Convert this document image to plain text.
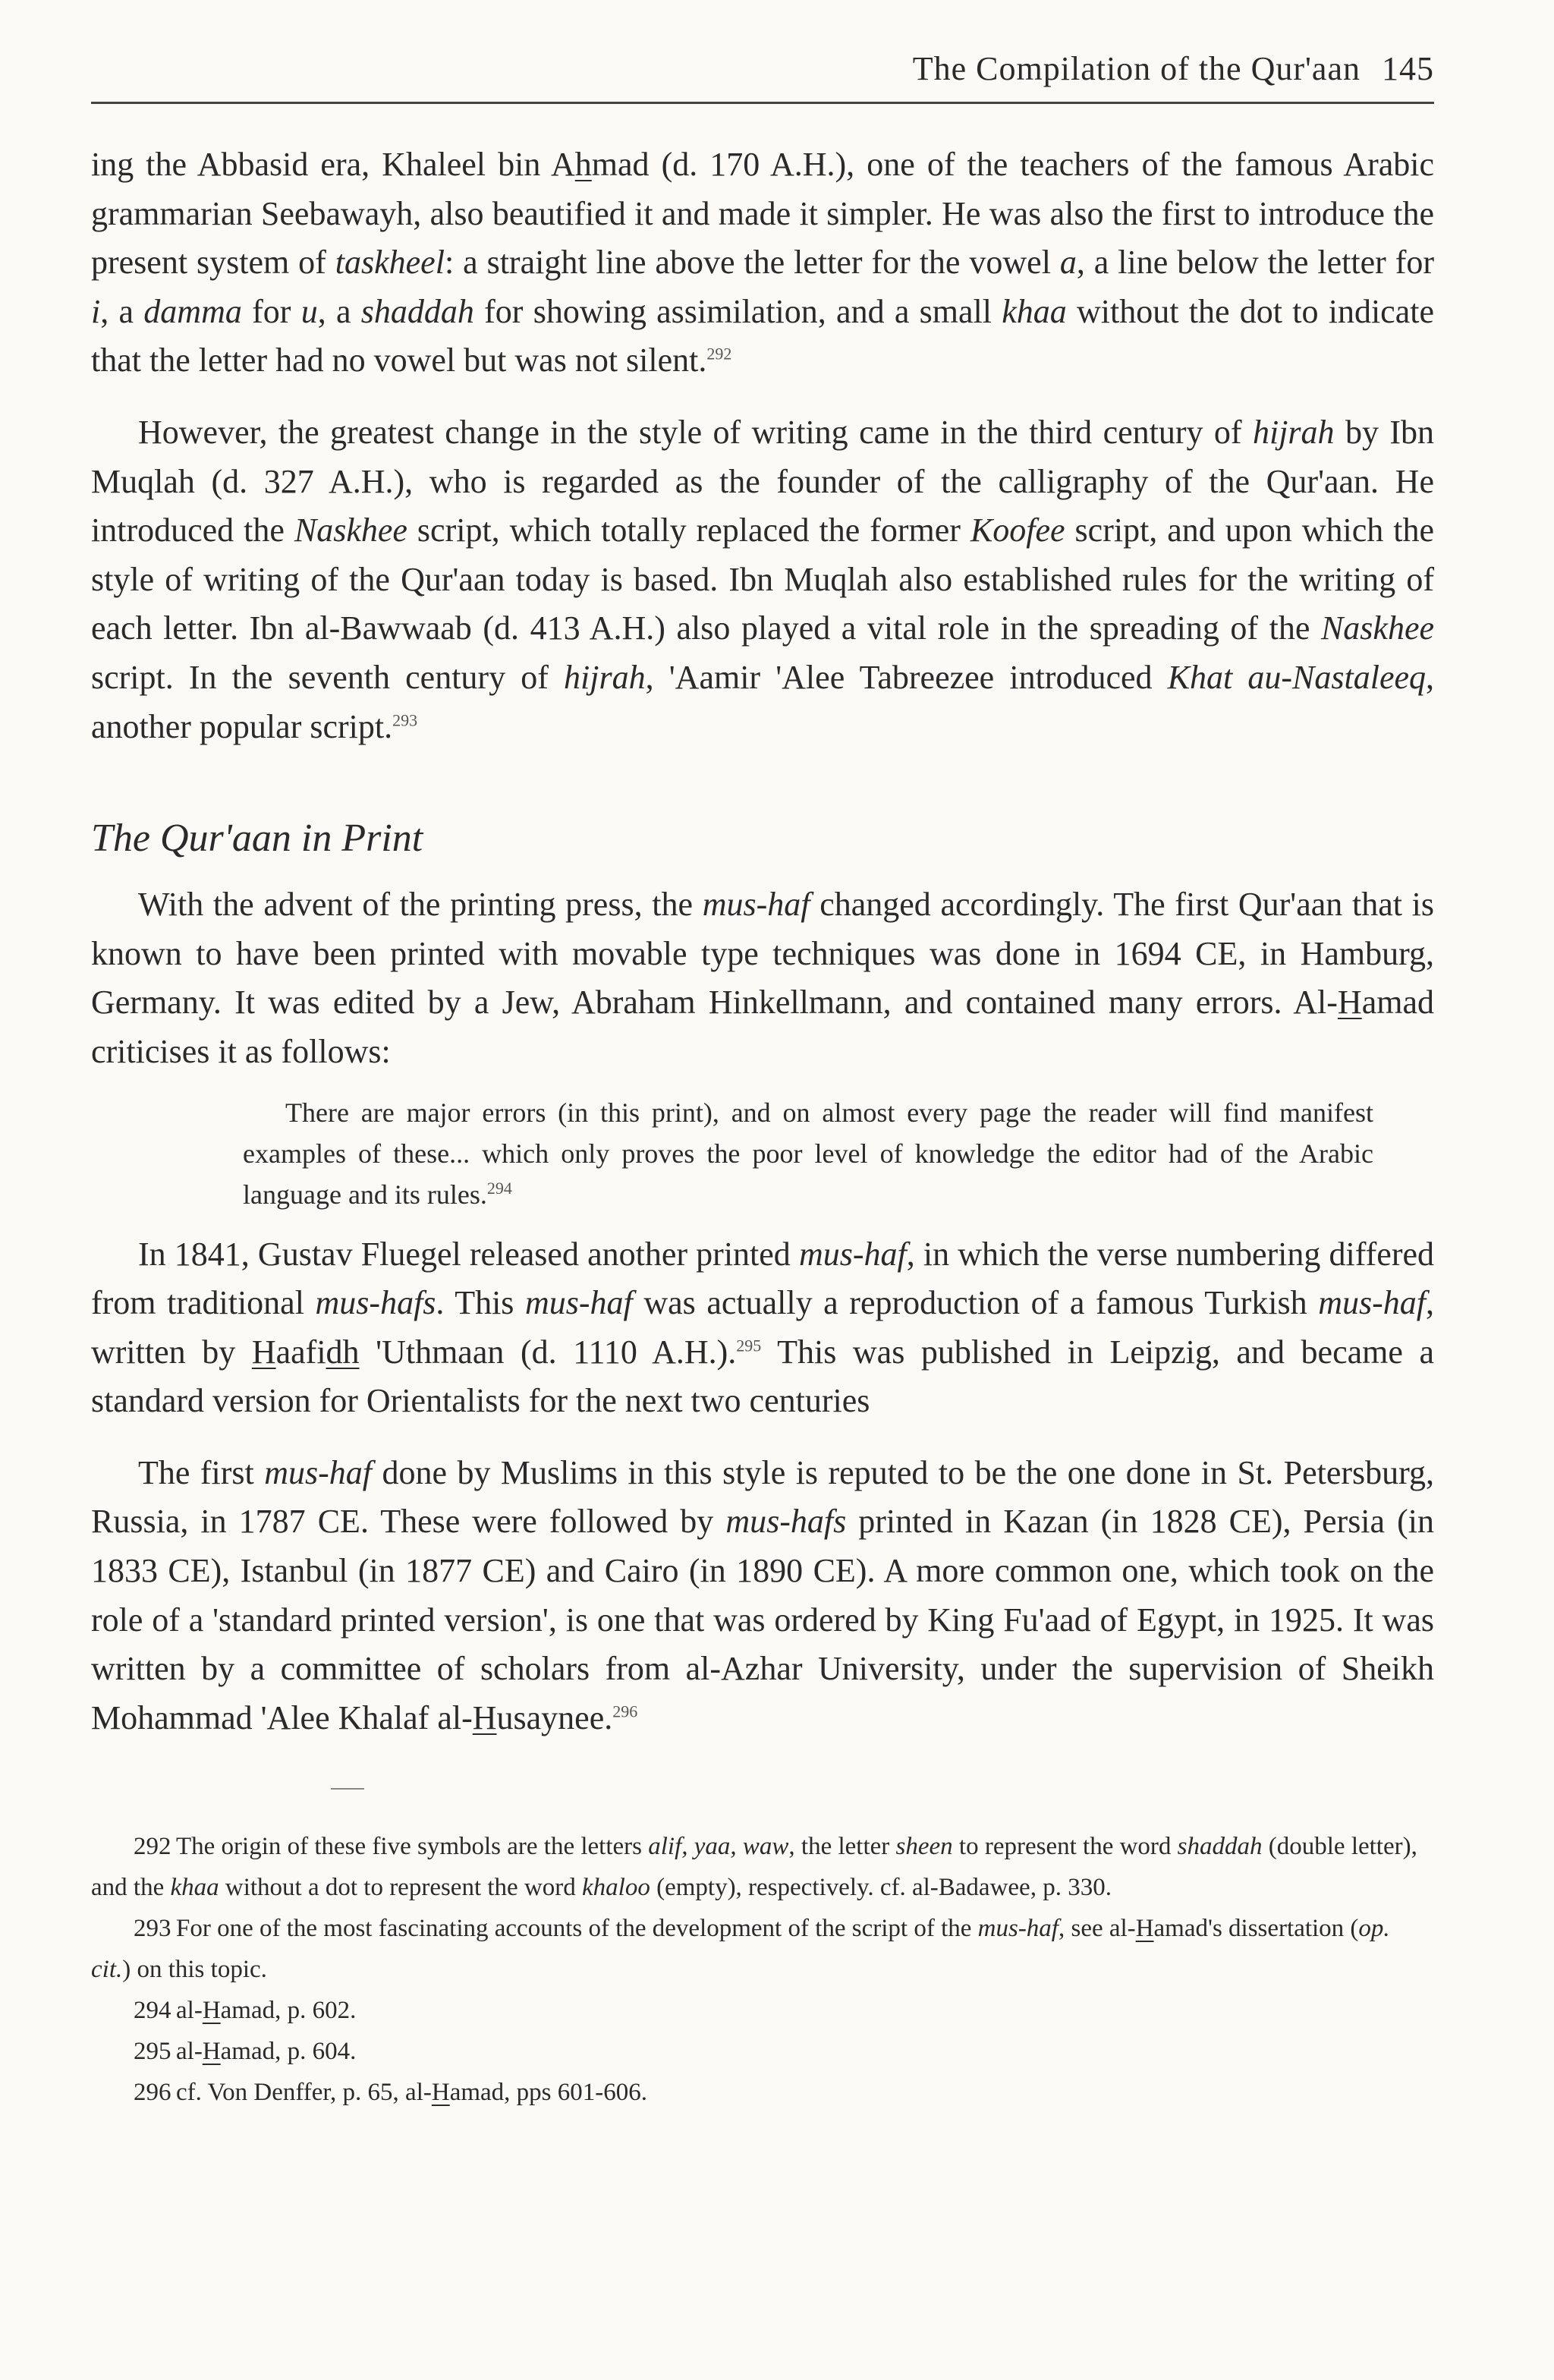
The Compilation of the Qur'aan 145

ing the Abbasid era, Khaleel bin Ahmad (d. 170 A.H.), one of the teachers of the famous Arabic grammarian Seebawayh, also beautified it and made it simpler. He was also the first to introduce the present system of taskheel: a straight line above the letter for the vowel a, a line below the letter for i, a damma for u, a shaddah for showing assimilation, and a small khaa without the dot to indicate that the letter had no vowel but was not silent.$^{292}$

However, the greatest change in the style of writing came in the third century of hijrah by Ibn Muqlah (d. 327 A.H.), who is regarded as the founder of the calligraphy of the Qur'aan. He introduced the Naskhee script, which totally replaced the former Koofee script, and upon which the style of writing of the Qur'aan today is based. Ibn Muqlah also established rules for the writing of each letter. Ibn al-Bawwaab (d. 413 A.H.) also played a vital role in the spreading of the Naskhee script. In the seventh century of hijrah, 'Aamir 'Alee Tabreezee introduced Khat au-Nastaleeq, another popular script.$^{293}$

The Qur'aan in Print

With the advent of the printing press, the mus-haf changed accordingly. The first Qur'aan that is known to have been printed with movable type techniques was done in 1694 CE, in Hamburg, Germany. It was edited by a Jew, Abraham Hinkellmann, and contained many errors. Al-Hamad criticises it as follows:

There are major errors (in this print), and on almost every page the reader will find manifest examples of these... which only proves the poor level of knowledge the editor had of the Arabic language and its rules.$^{294}$

In 1841, Gustav Fluegel released another printed mus-haf, in which the verse numbering differed from traditional mus-hafs. This mus-haf was actually a reproduction of a famous Turkish mus-haf, written by Haafidh 'Uthmaan (d. 1110 A.H.).$^{295}$ This was published in Leipzig, and became a standard version for Orientalists for the next two centuries

The first mus-haf done by Muslims in this style is reputed to be the one done in St. Petersburg, Russia, in 1787 CE. These were followed by mus-hafs printed in Kazan (in 1828 CE), Persia (in 1833 CE), Istanbul (in 1877 CE) and Cairo (in 1890 CE). A more common one, which took on the role of a 'standard printed version', is one that was ordered by King Fu'aad of Egypt, in 1925. It was written by a committee of scholars from al-Azhar University, under the supervision of Sheikh Mohammad 'Alee Khalaf al-Husaynee.$^{296}$

292 The origin of these five symbols are the letters alif, yaa, waw, the letter sheen to represent the word shaddah (double letter), and the khaa without a dot to represent the word khaloo (empty), respectively. cf. al-Badawee, p. 330.

293 For one of the most fascinating accounts of the development of the script of the mus-haf, see al-Hamad's dissertation (op. cit.) on this topic.

294 al-Hamad, p. 602.

295 al-Hamad, p. 604.

296 cf. Von Denffer, p. 65, al-Hamad, pps 601-606.
